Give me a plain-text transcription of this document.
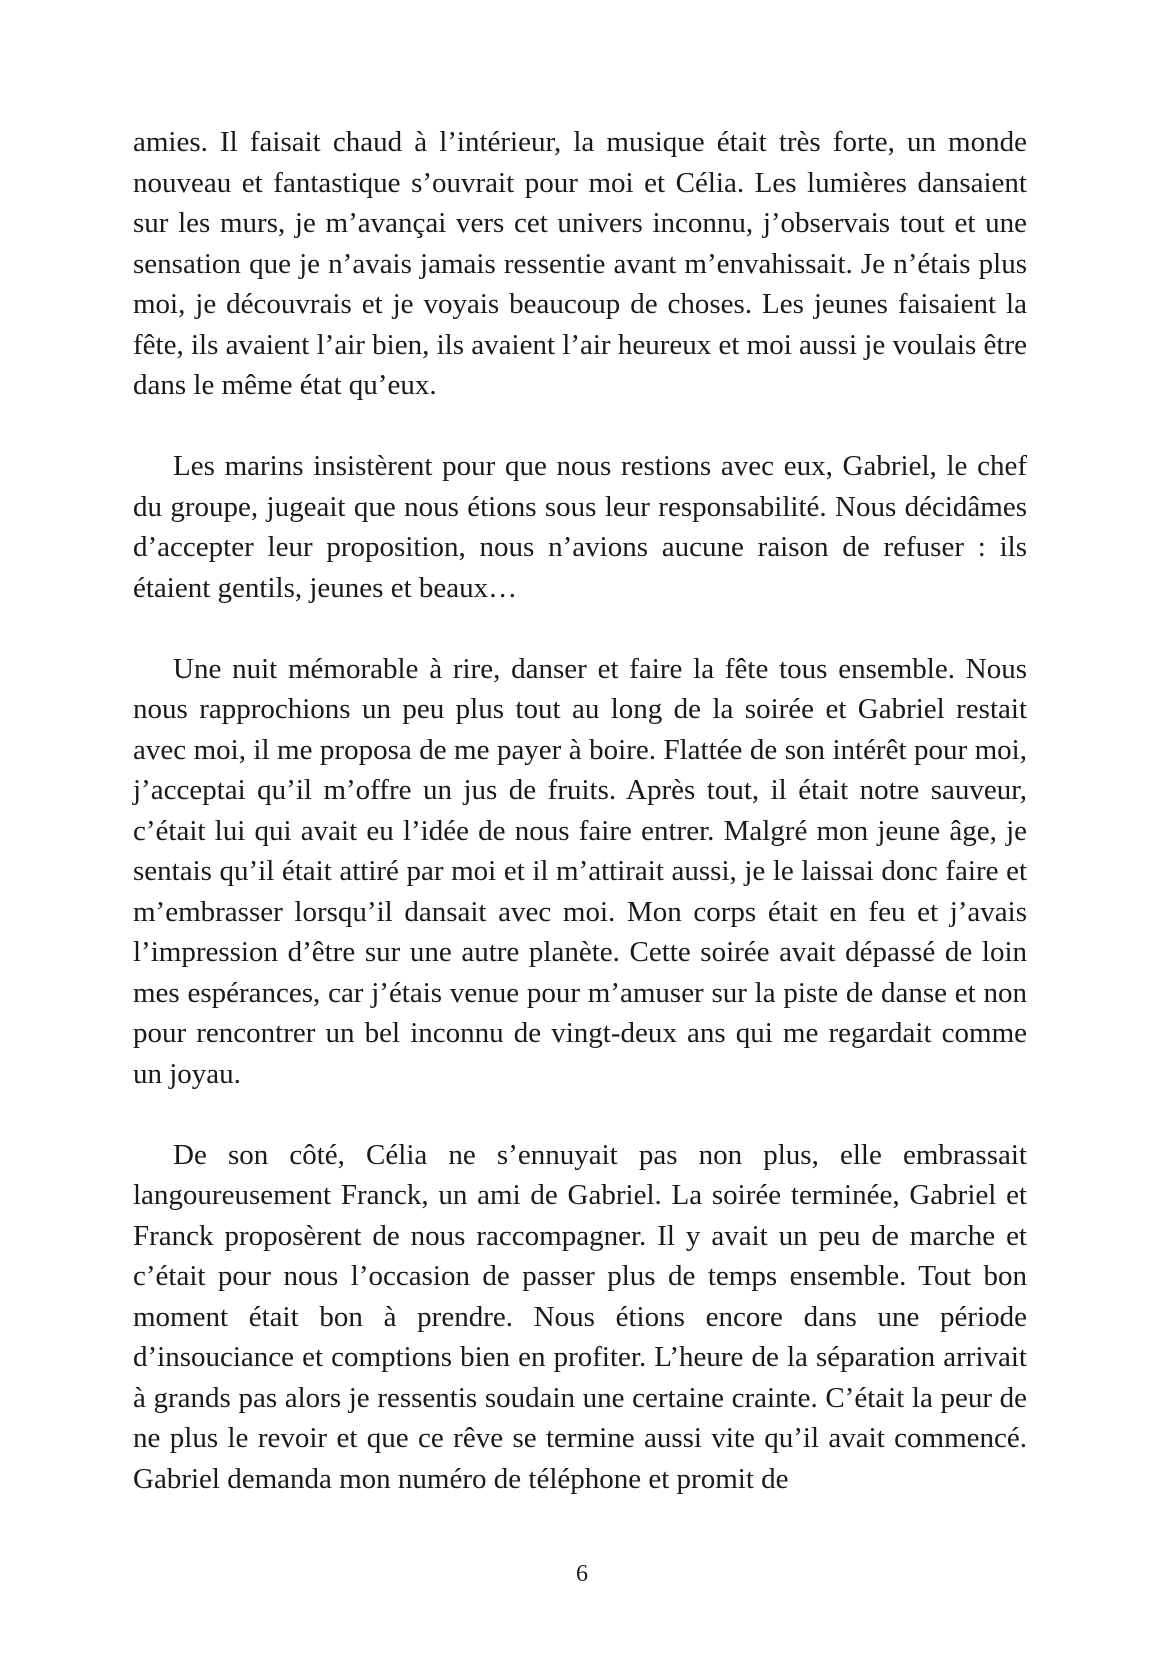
amies. Il faisait chaud à l’intérieur, la musique était très forte, un monde nouveau et fantastique s’ouvrait pour moi et Célia. Les lumières dansaient sur les murs, je m’avançai vers cet univers inconnu, j’observais tout et une sensation que je n’avais jamais ressentie avant m’envahissait. Je n’étais plus moi, je découvrais et je voyais beaucoup de choses. Les jeunes faisaient la fête, ils avaient l’air bien, ils avaient l’air heureux et moi aussi je voulais être dans le même état qu’eux.

Les marins insistèrent pour que nous restions avec eux, Gabriel, le chef du groupe, jugeait que nous étions sous leur responsabilité. Nous décidâmes d’accepter leur proposition, nous n’avions aucune raison de refuser : ils étaient gentils, jeunes et beaux…

Une nuit mémorable à rire, danser et faire la fête tous ensemble. Nous nous rapprochions un peu plus tout au long de la soirée et Gabriel restait avec moi, il me proposa de me payer à boire. Flattée de son intérêt pour moi, j’acceptai qu’il m’offre un jus de fruits. Après tout, il était notre sauveur, c’était lui qui avait eu l’idée de nous faire entrer. Malgré mon jeune âge, je sentais qu’il était attiré par moi et il m’attirait aussi, je le laissai donc faire et m’embrasser lorsqu’il dansait avec moi. Mon corps était en feu et j’avais l’impression d’être sur une autre planète. Cette soirée avait dépassé de loin mes espérances, car j’étais venue pour m’amuser sur la piste de danse et non pour rencontrer un bel inconnu de vingt-deux ans qui me regardait comme un joyau.

De son côté, Célia ne s’ennuyait pas non plus, elle embrassait langoureusement Franck, un ami de Gabriel. La soirée terminée, Gabriel et Franck proposèrent de nous raccompagner. Il y avait un peu de marche et c’était pour nous l’occasion de passer plus de temps ensemble. Tout bon moment était bon à prendre. Nous étions encore dans une période d’insouciance et comptions bien en profiter. L’heure de la séparation arrivait à grands pas alors je ressentis soudain une certaine crainte. C’était la peur de ne plus le revoir et que ce rêve se termine aussi vite qu’il avait commencé. Gabriel demanda mon numéro de téléphone et promit de

6
